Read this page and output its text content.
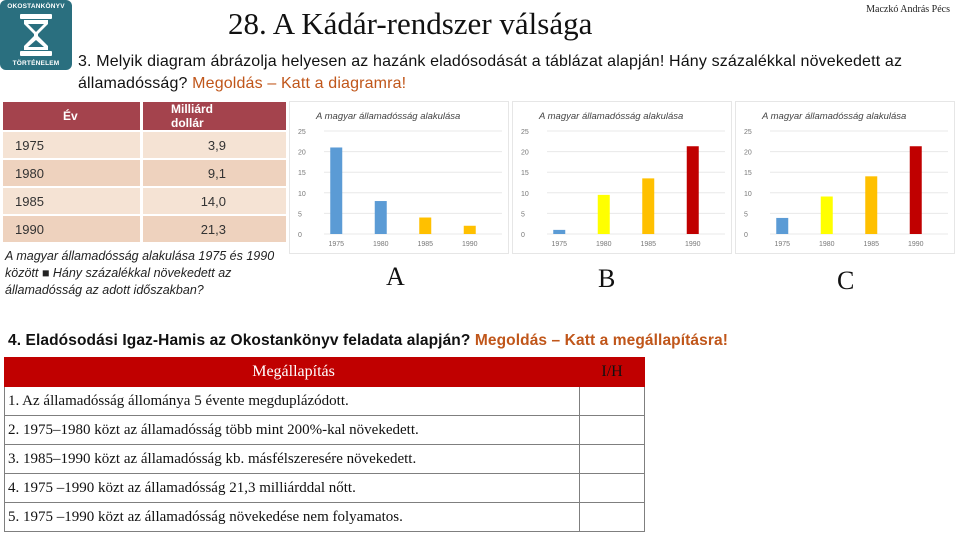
OKOSTANKÖNYV
TÖRTÉNELEM
28. A Kádár-rendszer válsága	Maczkó András Pécs
3. Melyik diagram ábrázolja helyesen az hazánk eladósodását a táblázat alapján! Hány százalékkal növekedett az államadósság? Megoldás – Katt a diagramra!
Év	Milliárd dollár
1975	3,9
1980	9,1
1985	14,0
1990	21,3
A magyar államadósság alakulása 1975 és 1990 között ■ Hány százalékkal növekedett az államadósság az adott időszakban?
A magyar államadósság alakulása
25
20
15
10
5
0
1975	1980	1985	1990
A magyar államadósság alakulása
25
20
15
10
5
0
1975	1980	1985	1990
A magyar államadósság alakulása
25
20
15
10
5
0
1975	1980	1985	1990
A	B	C
4. Eladósodási Igaz-Hamis az Okostankönyv feladata alapján? Megoldás – Katt a megállapításra!
Megállapítás	I/H
1. Az államadósság állománya 5 évente megduplázódott.	
2. 1975–1980 közt az államadósság több mint 200%-kal növekedett.	
3. 1985–1990 közt az államadósság kb. másfélszeresére növekedett.	
4. 1975 –1990 közt az államadósság 21,3 milliárddal nőtt.	
5. 1975 –1990 közt az államadósság növekedése nem folyamatos.	
